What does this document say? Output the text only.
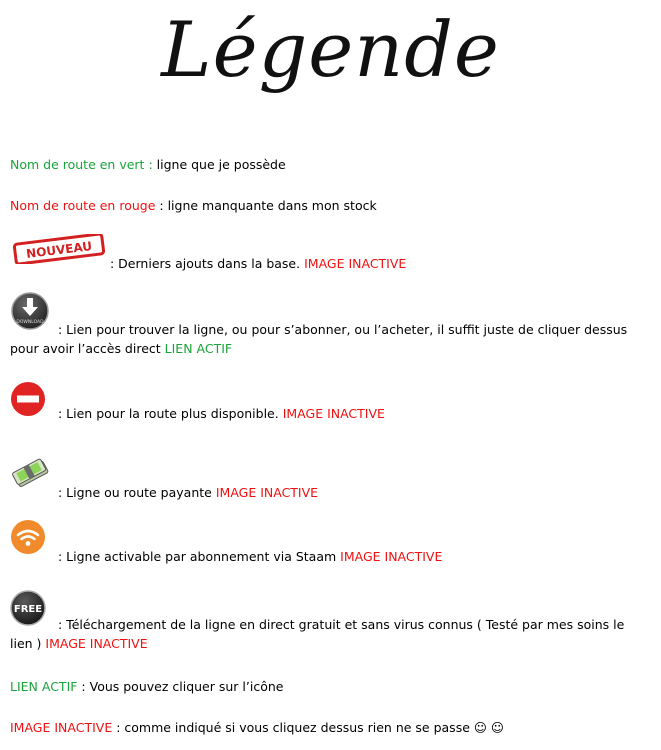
Légende
Nom de route en vert : ligne que je possède
Nom de route en rouge : ligne manquante dans mon stock
NOUVEAU
: Derniers ajouts dans la base. IMAGE INACTIVE
DOWNLOAD	: Lien pour trouver la ligne, ou pour s’abonner, ou l’acheter, il suffit juste de cliquer dessus pour avoir l’accès direct LIEN ACTIF
: Lien pour la route plus disponible. IMAGE INACTIVE
: Ligne ou route payante IMAGE INACTIVE
: Ligne activable par abonnement via Staam IMAGE INACTIVE
FREE
: Téléchargement de la ligne en direct gratuit et sans virus connus ( Testé par mes soins le lien ) IMAGE INACTIVE
LIEN ACTIF : Vous pouvez cliquer sur l’icône
IMAGE INACTIVE : comme indiqué si vous cliquez dessus rien ne se passe ☺ ☺
